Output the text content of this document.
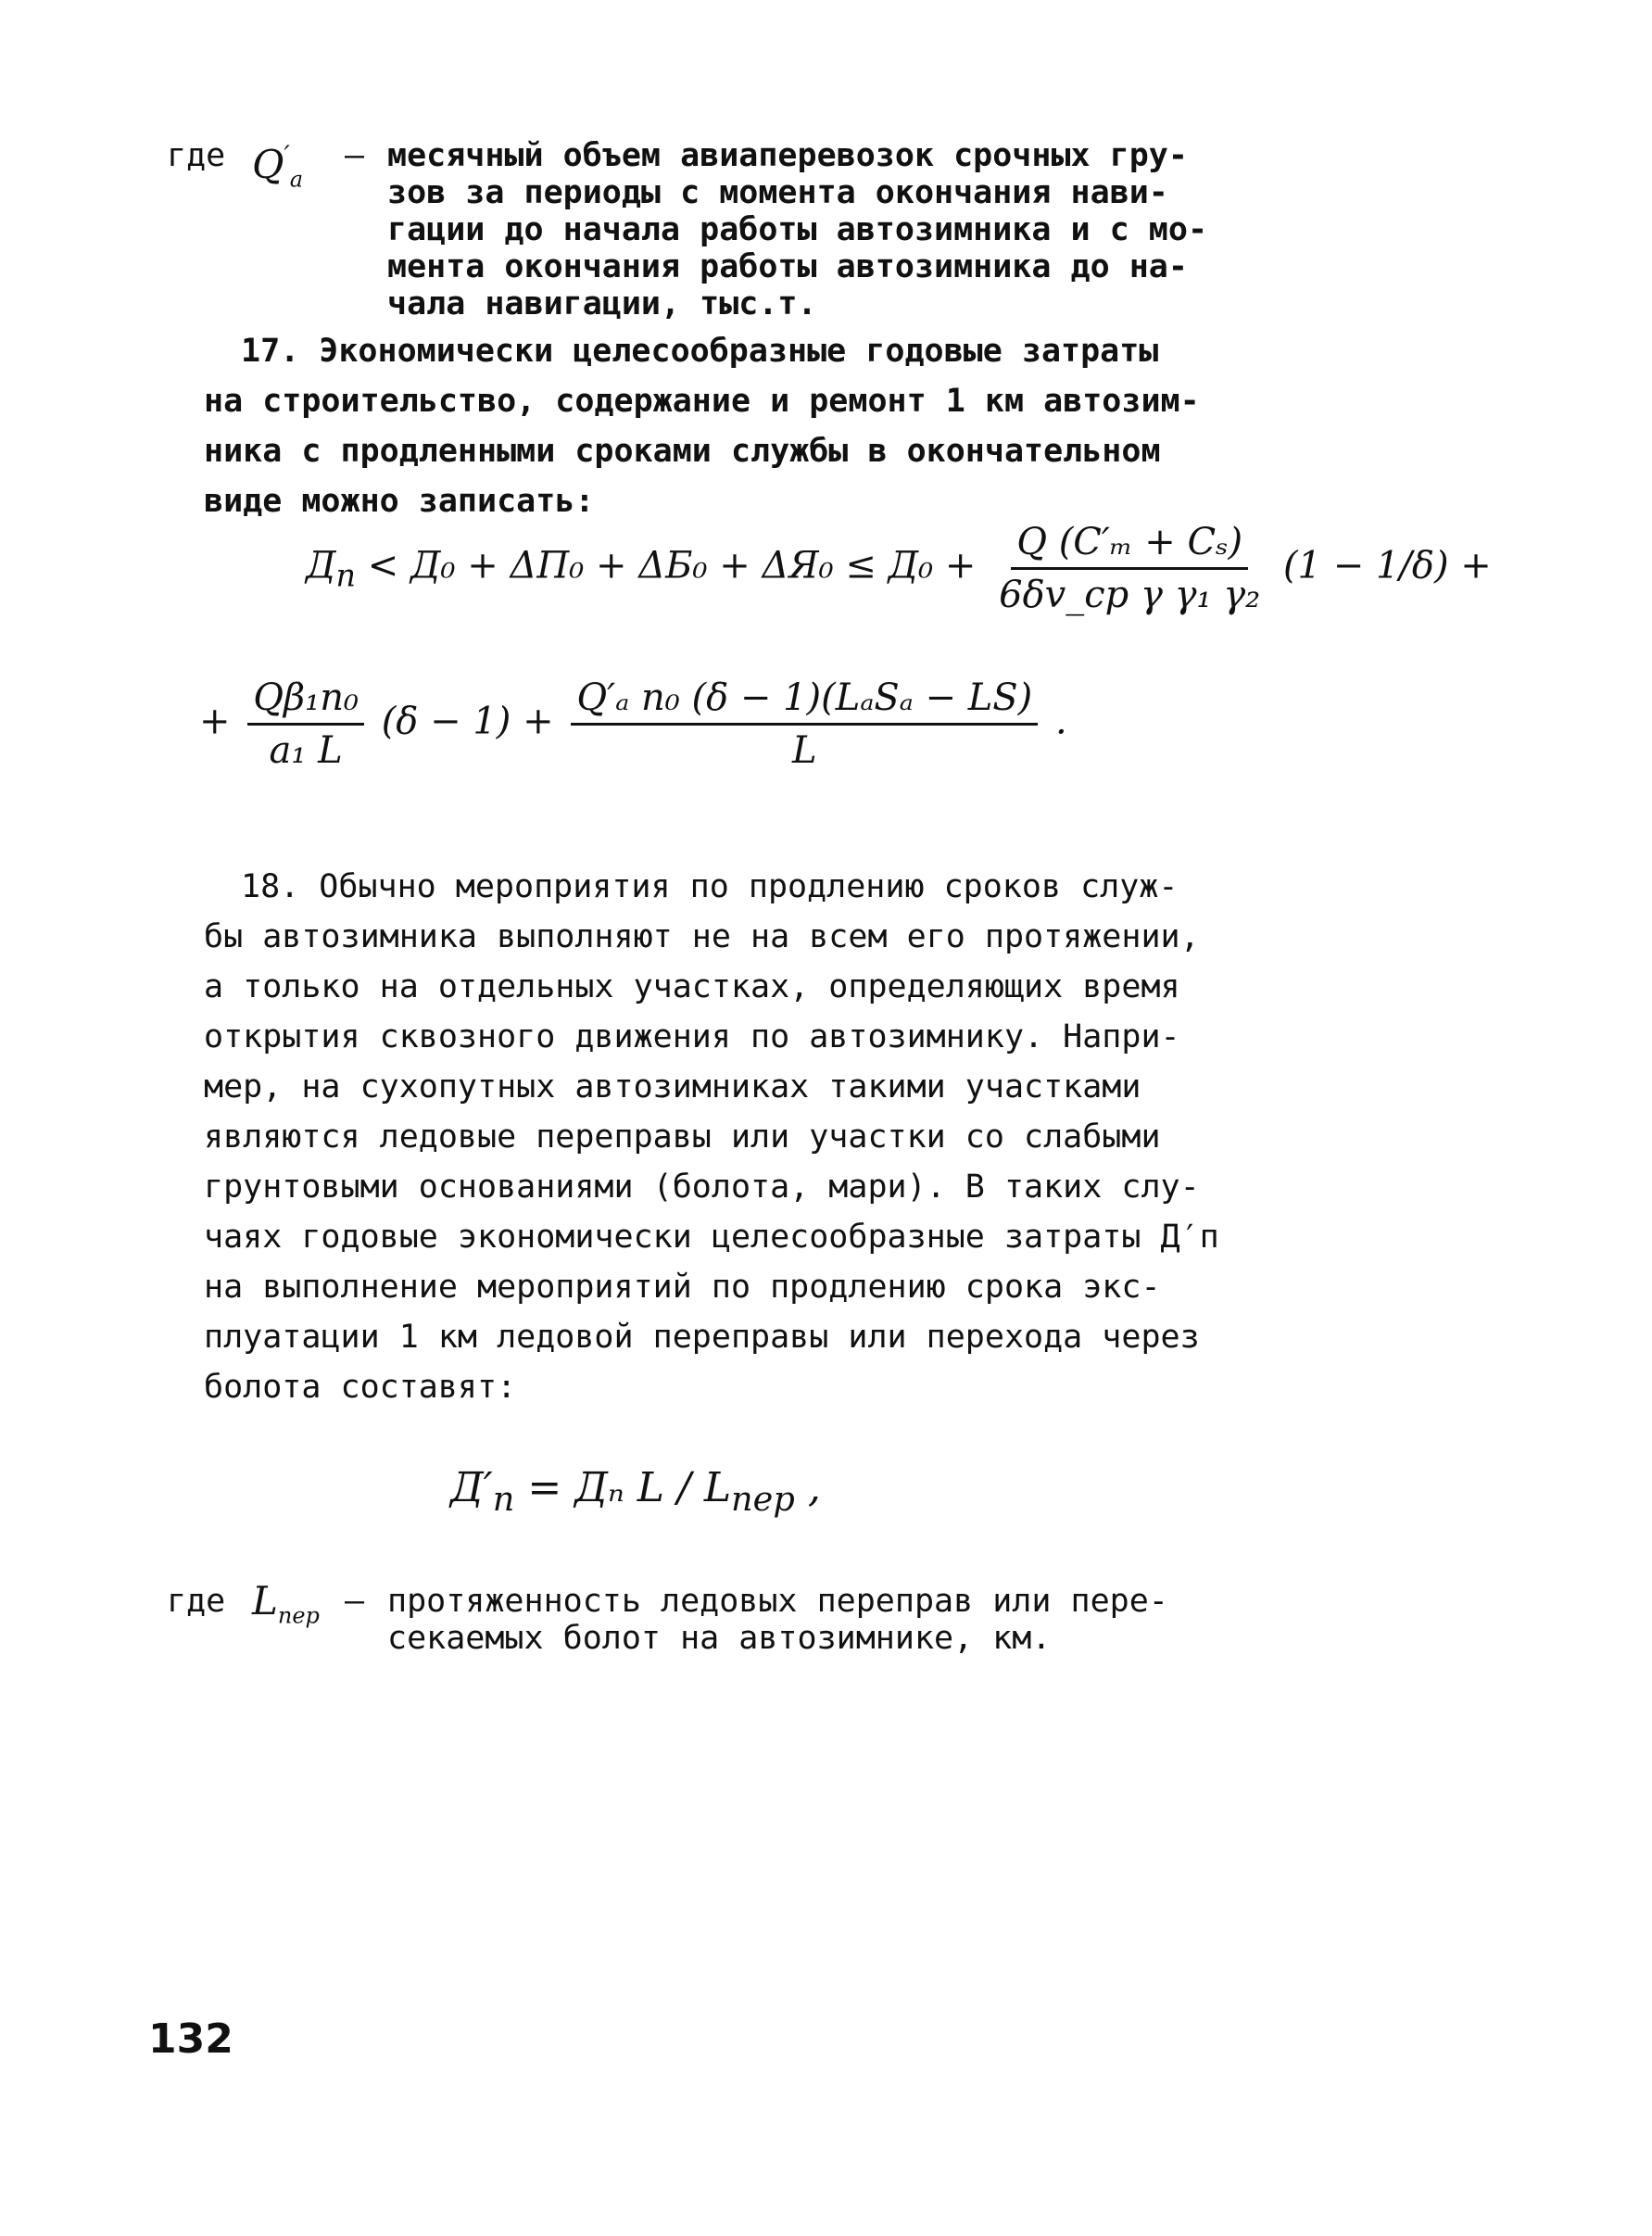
где $Q'_а$
– месячный объем авиаперевозок срочных гру-
зов за периоды с момента окончания нави-
гации до начала работы автозимника и с мо-
мента окончания работы автозимника до на-
чала навигации, тыс.т.
17. Экономически целесообразные годовые затраты
на строительство, содержание и ремонт 1 км автозим-
ника с продленными сроками службы в окончательном
виде можно записать:
$Д_п < Д_0 + \Delta П_0 + \Delta Б_0 + \Delta Я_0 \le Д_0 + \frac{\text{Q (C′ₘ + Cₛ)}}{\text{6δv\_ср γ γ₁ γ₂}} (1 - 1/\delta)$ +
+ $\frac{\text{Qβ₁n₀}}{\text{a₁ L}} (\delta - 1) + \frac{\text{Q′ₐ n₀ (δ − 1)(LₐSₐ − LS)}}{L}$ .
18. Обычно мероприятия по продлению сроков служ-
бы автозимника выполняют не на всем его протяжении,
а только на отдельных участках, определяющих время
открытия сквозного движения по автозимнику. Напри-
мер, на сухопутных автозимниках такими участками
являются ледовые переправы или участки со слабыми
грунтовыми основаниями (болота, мари). В таких слу-
чаях годовые экономически целесообразные затраты Д′п
на выполнение мероприятий по продлению срока экс-
плуатации 1 км ледовой переправы или перехода через
болота составят:
$Д'_п = Д_n$ L / $L_{пер}$ ,
где $L_{пер}$ – протяженность ледовых переправ или пере-
секаемых болот на автозимнике, км.
132
